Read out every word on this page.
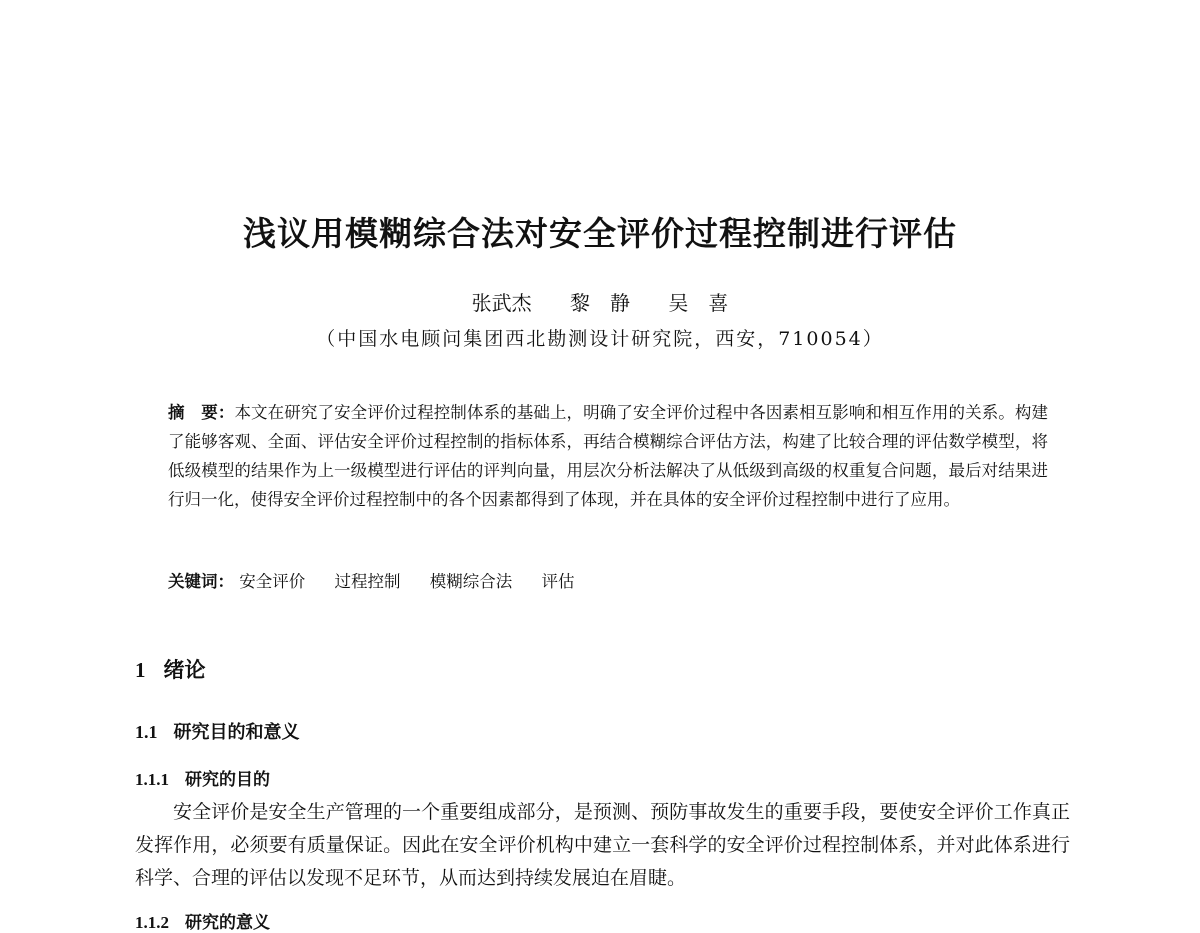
浅议用模糊综合法对安全评价过程控制进行评估
张武杰 黎　静 吴　喜
（中国水电顾问集团西北勘测设计研究院，西安，710054）
摘　要：本文在研究了安全评价过程控制体系的基础上，明确了安全评价过程中各因素相互影响和相互作用的关系。构建了能够客观、全面、评估安全评价过程控制的指标体系，再结合模糊综合评估方法，构建了比较合理的评估数学模型，将低级模型的结果作为上一级模型进行评估的评判向量，用层次分析法解决了从低级到高级的权重复合问题，最后对结果进行归一化，使得安全评价过程控制中的各个因素都得到了体现，并在具体的安全评价过程控制中进行了应用。
关键词： 安全评价 过程控制 模糊综合法 评估
1 绪论
1.1 研究目的和意义
1.1.1 研究的目的

安全评价是安全生产管理的一个重要组成部分，是预测、预防事故发生的重要手段，要使安全评价工作真正发挥作用，必须要有质量保证。因此在安全评价机构中建立一套科学的安全评价过程控制体系，并对此体系进行科学、合理的评估以发现不足环节，从而达到持续发展迫在眉睫。

1.1.2 研究的意义
